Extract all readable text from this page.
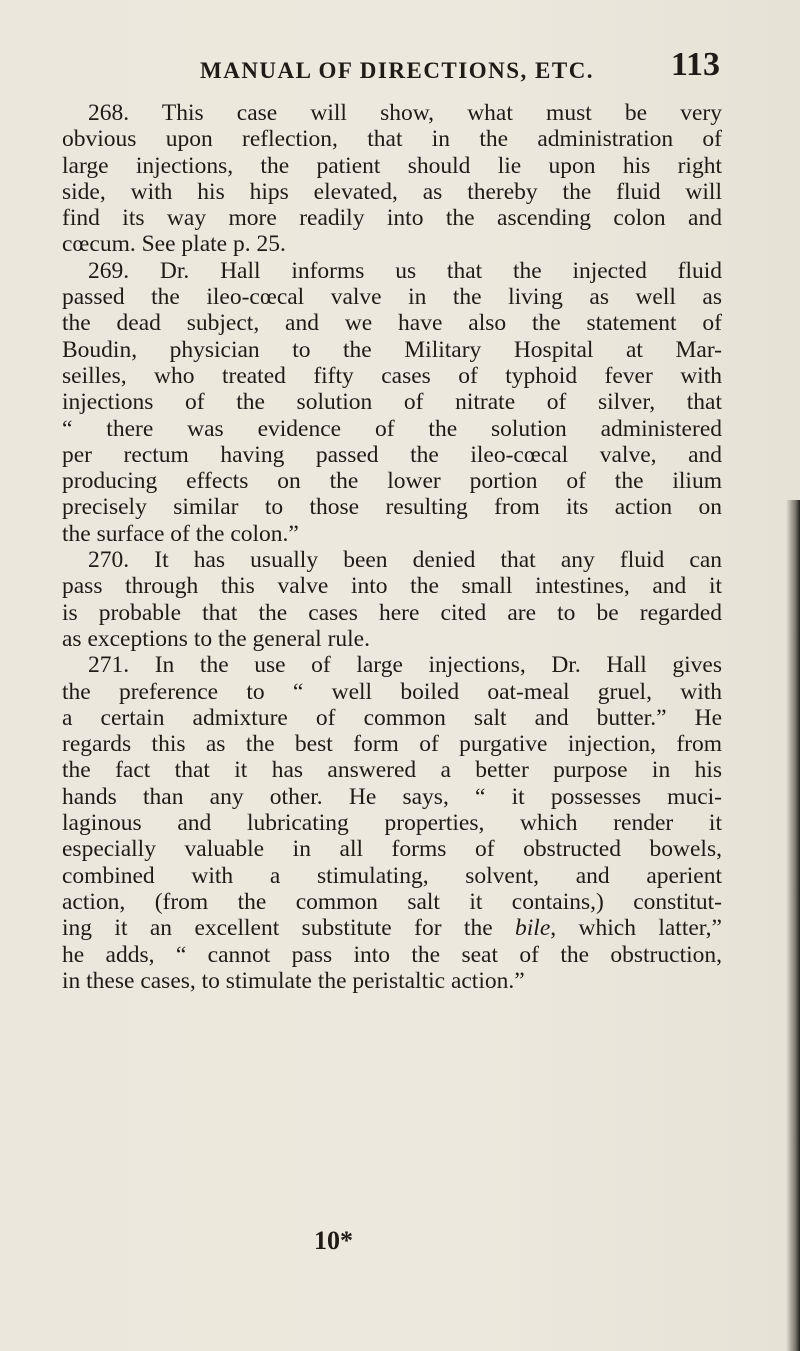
MANUAL OF DIRECTIONS, ETC. 113
268. This case will show, what must be very
obvious upon reflection, that in the administration of
large injections, the patient should lie upon his right
side, with his hips elevated, as thereby the fluid will
find its way more readily into the ascending colon and
cœcum. See plate p. 25.
269. Dr. Hall informs us that the injected fluid
passed the ileo-cœcal valve in the living as well as
the dead subject, and we have also the statement of
Boudin, physician to the Military Hospital at Mar-
seilles, who treated fifty cases of typhoid fever with
injections of the solution of nitrate of silver, that
“ there was evidence of the solution administered
per rectum having passed the ileo-cœcal valve, and
producing effects on the lower portion of the ilium
precisely similar to those resulting from its action on
the surface of the colon.”
270. It has usually been denied that any fluid can
pass through this valve into the small intestines, and it
is probable that the cases here cited are to be regarded
as exceptions to the general rule.
271. In the use of large injections, Dr. Hall gives
the preference to “ well boiled oat-meal gruel, with
a certain admixture of common salt and butter.” He
regards this as the best form of purgative injection, from
the fact that it has answered a better purpose in his
hands than any other. He says, “ it possesses muci-
laginous and lubricating properties, which render it
especially valuable in all forms of obstructed bowels,
combined with a stimulating, solvent, and aperient
action, (from the common salt it contains,) constitut-
ing it an excellent substitute for the bile, which latter,”
he adds, “ cannot pass into the seat of the obstruction,
in these cases, to stimulate the peristaltic action.”
10*
